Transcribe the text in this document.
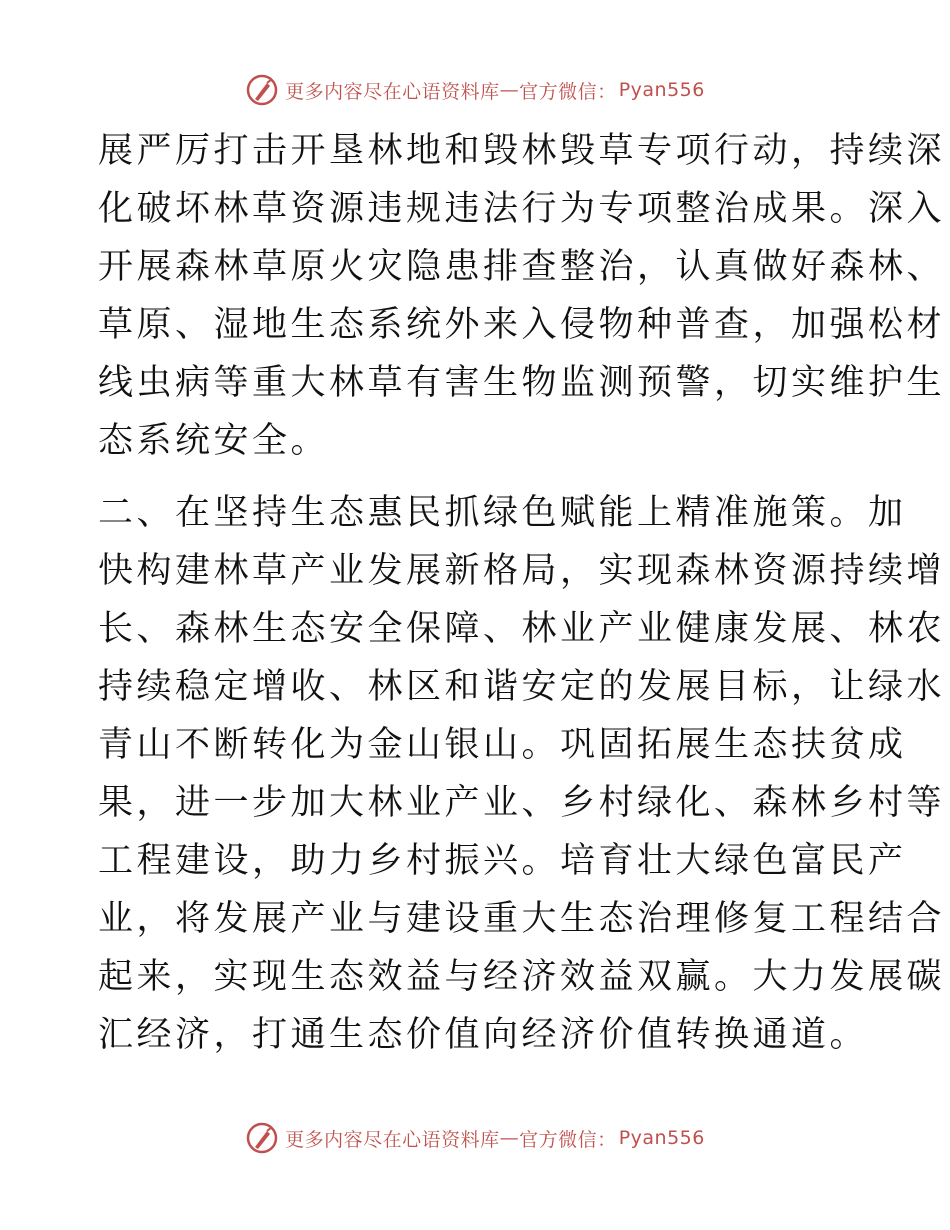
更多内容尽在心语资料库 — 官方微信： Pyan556
展严厉打击开垦林地和毁林毁草专项行动，持续深
化破坏林草资源违规违法行为专项整治成果。深入
开展森林草原火灾隐患排查整治，认真做好森林、
草原、湿地生态系统外来入侵物种普查，加强松材
线虫病等重大林草有害生物监测预警，切实维护生
态系统安全。
二、在坚持生态惠民抓绿色赋能上精准施策。加
快构建林草产业发展新格局，实现森林资源持续增
长、森林生态安全保障、林业产业健康发展、林农
持续稳定增收、林区和谐安定的发展目标，让绿水
青山不断转化为金山银山。巩固拓展生态扶贫成
果，进一步加大林业产业、乡村绿化、森林乡村等
工程建设，助力乡村振兴。培育壮大绿色富民产
业，将发展产业与建设重大生态治理修复工程结合
起来，实现生态效益与经济效益双赢。大力发展碳
汇经济，打通生态价值向经济价值转换通道。
更多内容尽在心语资料库 — 官方微信： Pyan556
